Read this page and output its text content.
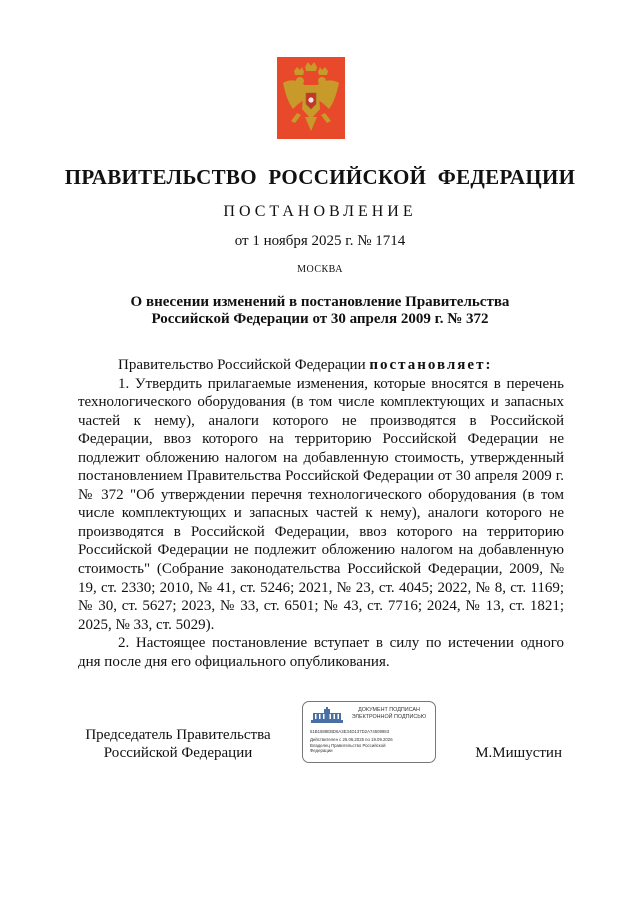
ПРАВИТЕЛЬСТВО РОССИЙСКОЙ ФЕДЕРАЦИИ
ПОСТАНОВЛЕНИЕ
от 1 ноября 2025 г. № 1714
МОСКВА
О внесении изменений в постановление Правительства
Российской Федерации от 30 апреля 2009 г. № 372

Правительство Российской Федерации постановляет:

1. Утвердить прилагаемые изменения, которые вносятся в перечень технологического оборудования (в том числе комплектующих и запасных частей к нему), аналоги которого не производятся в Российской Федерации, ввоз которого на территорию Российской Федерации не подлежит обложению налогом на добавленную стоимость, утвержденный постановлением Правительства Российской Федерации от 30 апреля 2009 г. № 372 "Об утверждении перечня технологического оборудования (в том числе комплектующих и запасных частей к нему), аналоги которого не производятся в Российской Федерации, ввоз которого на территорию Российской Федерации не подлежит обложению налогом на добавленную стоимость" (Собрание законодательства Российской Федерации, 2009, № 19, ст. 2330; 2010, № 41, ст. 5246; 2021, № 23, ст. 4045; 2022, № 8, ст. 1169; № 30, ст. 5627; 2023, № 33, ст. 6501; № 43, ст. 7716; 2024, № 13, ст. 1821; 2025, № 33, ст. 5029).

2. Настоящее постановление вступает в силу по истечении одного дня после дня его официального опубликования.

Председатель Правительства
Российской Федерации
ДОКУМЕНТ ПОДПИСАН
ЭЛЕКТРОННОЙ ПОДПИСЬЮ
51B1588EBD6A3E34D137D2A74609983
Действителен с 26.06.2025 по 19.09.2026
Владелец Правительство Российской
Федерации	М.Мишустин
